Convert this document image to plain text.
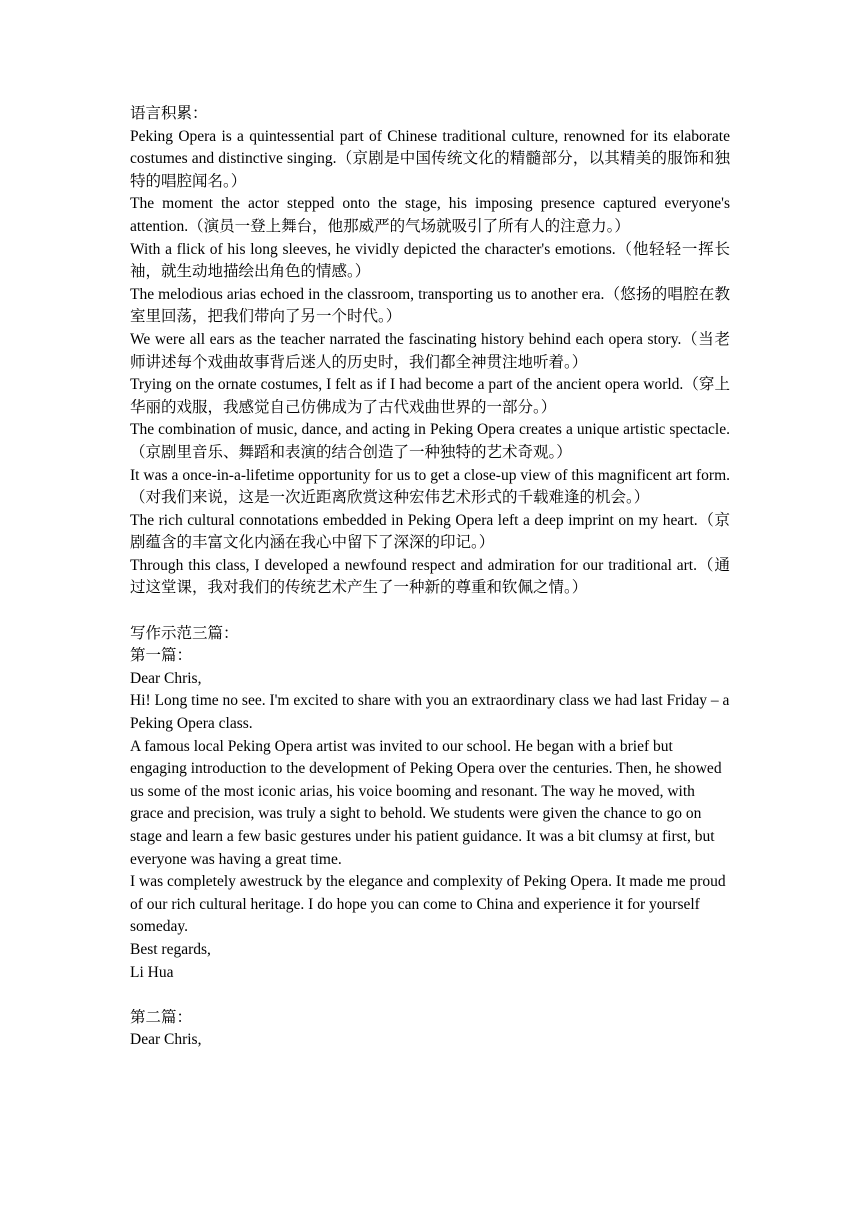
语言积累：

Peking Opera is a quintessential part of Chinese traditional culture, renowned for its elaborate costumes and distinctive singing.（京剧是中国传统文化的精髓部分，以其精美的服饰和独特的唱腔闻名。）

The moment the actor stepped onto the stage, his imposing presence captured everyone's attention.（演员一登上舞台，他那威严的气场就吸引了所有人的注意力。）

With a flick of his long sleeves, he vividly depicted the character's emotions.（他轻轻一挥长袖，就生动地描绘出角色的情感。）

The melodious arias echoed in the classroom, transporting us to another era.（悠扬的唱腔在教室里回荡，把我们带向了另一个时代。）

We were all ears as the teacher narrated the fascinating history behind each opera story.（当老师讲述每个戏曲故事背后迷人的历史时，我们都全神贯注地听着。）

Trying on the ornate costumes, I felt as if I had become a part of the ancient opera world.（穿上华丽的戏服，我感觉自己仿佛成为了古代戏曲世界的一部分。）

The combination of music, dance, and acting in Peking Opera creates a unique artistic spectacle.（京剧里音乐、舞蹈和表演的结合创造了一种独特的艺术奇观。）

It was a once-in-a-lifetime opportunity for us to get a close-up view of this magnificent art form.（对我们来说，这是一次近距离欣赏这种宏伟艺术形式的千载难逢的机会。）

The rich cultural connotations embedded in Peking Opera left a deep imprint on my heart.（京剧蕴含的丰富文化内涵在我心中留下了深深的印记。）

Through this class, I developed a newfound respect and admiration for our traditional art.（通过这堂课，我对我们的传统艺术产生了一种新的尊重和钦佩之情。）

写作示范三篇：

第一篇：

Dear Chris,

Hi! Long time no see. I'm excited to share with you an extraordinary class we had last Friday – a Peking Opera class.

A famous local Peking Opera artist was invited to our school. He began with a brief but engaging introduction to the development of Peking Opera over the centuries. Then, he showed us some of the most iconic arias, his voice booming and resonant. The way he moved, with grace and precision, was truly a sight to behold. We students were given the chance to go on stage and learn a few basic gestures under his patient guidance. It was a bit clumsy at first, but everyone was having a great time.

I was completely awestruck by the elegance and complexity of Peking Opera. It made me proud of our rich cultural heritage. I do hope you can come to China and experience it for yourself someday.

Best regards,

Li Hua

第二篇：

Dear Chris,
